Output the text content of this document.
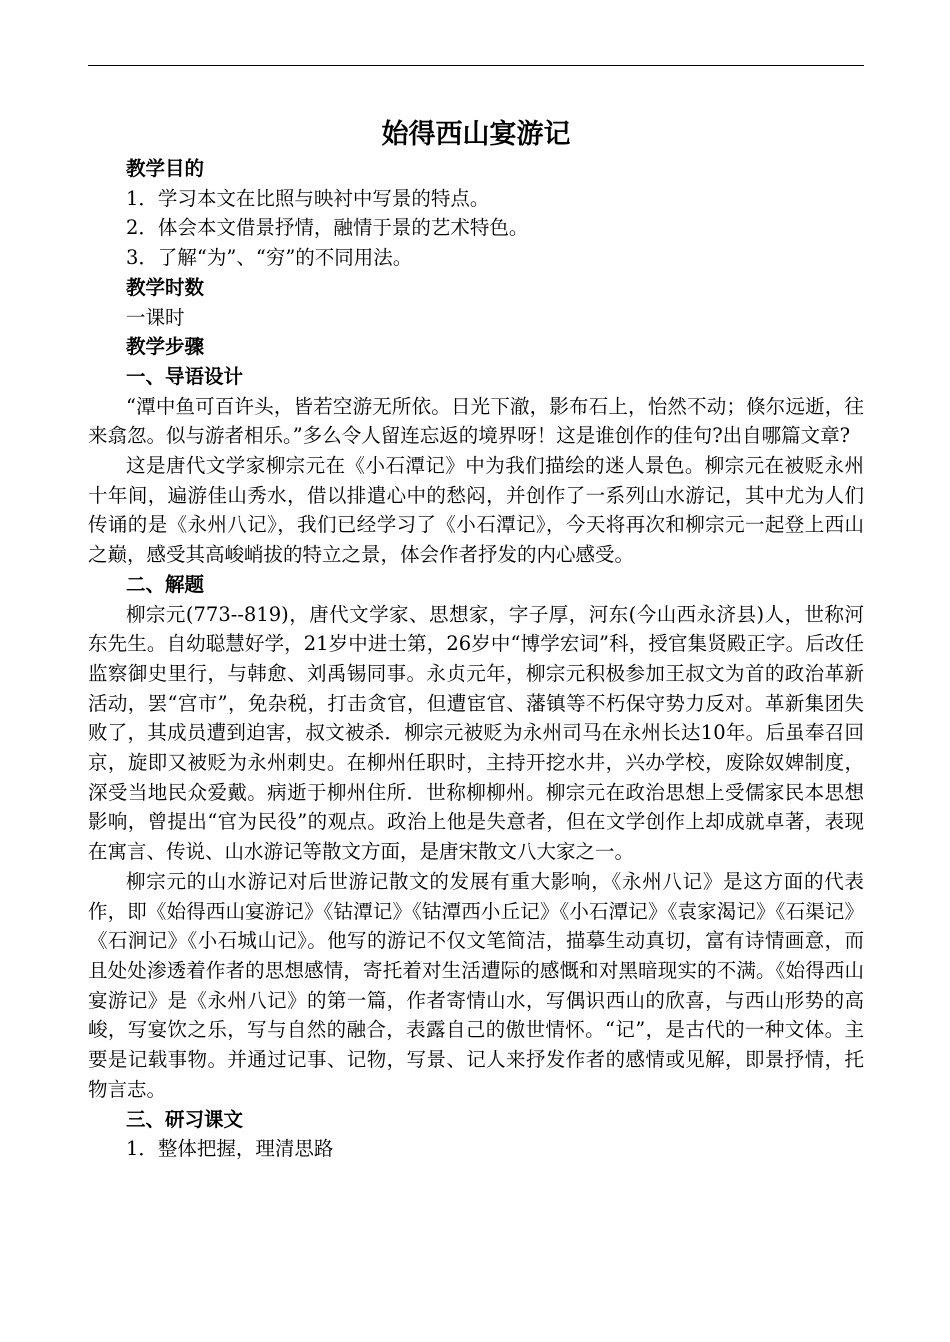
始得西山宴游记

教学目的

1．学习本文在比照与映衬中写景的特点。

2．体会本文借景抒情，融情于景的艺术特色。

3．了解“为”、“穷”的不同用法。

教学时数

一课时

教学步骤

一、导语设计

“潭中鱼可百许头，皆若空游无所依。日光下澈，影布石上，怡然不动；倏尔远逝，往来翕忽。似与游者相乐。”多么令人留连忘返的境界呀！这是谁创作的佳句?出自哪篇文章?

这是唐代文学家柳宗元在《小石潭记》中为我们描绘的迷人景色。柳宗元在被贬永州十年间，遍游佳山秀水，借以排遣心中的愁闷，并创作了一系列山水游记，其中尤为人们传诵的是《永州八记》，我们已经学习了《小石潭记》，今天将再次和柳宗元一起登上西山之巅，感受其高峻峭拔的特立之景，体会作者抒发的内心感受。

二、解题

柳宗元(773--819)，唐代文学家、思想家，字子厚，河东(今山西永济县)人，世称河东先生。自幼聪慧好学，21岁中进士第，26岁中“博学宏词”科，授官集贤殿正字。后改任监察御史里行，与韩愈、刘禹锡同事。永贞元年，柳宗元积极参加王叔文为首的政治革新活动，罢“宫市”，免杂税，打击贪官，但遭宦官、藩镇等不朽保守势力反对。革新集团失败了，其成员遭到迫害，叔文被杀．柳宗元被贬为永州司马在永州长达10年。后虽奉召回京，旋即又被贬为永州刺史。在柳州任职时，主持开挖水井，兴办学校，废除奴婢制度，深受当地民众爱戴。病逝于柳州住所．世称柳柳州。柳宗元在政治思想上受儒家民本思想影响，曾提出“官为民役”的观点。政治上他是失意者，但在文学创作上却成就卓著，表现在寓言、传说、山水游记等散文方面，是唐宋散文八大家之一。

柳宗元的山水游记对后世游记散文的发展有重大影响，《永州八记》是这方面的代表作，即《始得西山宴游记》《钴潭记》《钴潭西小丘记》《小石潭记》《袁家渴记》《石渠记》《石涧记》《小石城山记》。他写的游记不仅文笔简洁，描摹生动真切，富有诗情画意，而且处处渗透着作者的思想感情，寄托着对生活遭际的感慨和对黑暗现实的不满。《始得西山宴游记》是《永州八记》的第一篇，作者寄情山水，写偶识西山的欣喜，与西山形势的高峻，写宴饮之乐，写与自然的融合，表露自己的傲世情怀。“记”，是古代的一种文体。主要是记载事物。并通过记事、记物，写景、记人来抒发作者的感情或见解，即景抒情，托物言志。

三、研习课文

1．整体把握，理清思路
